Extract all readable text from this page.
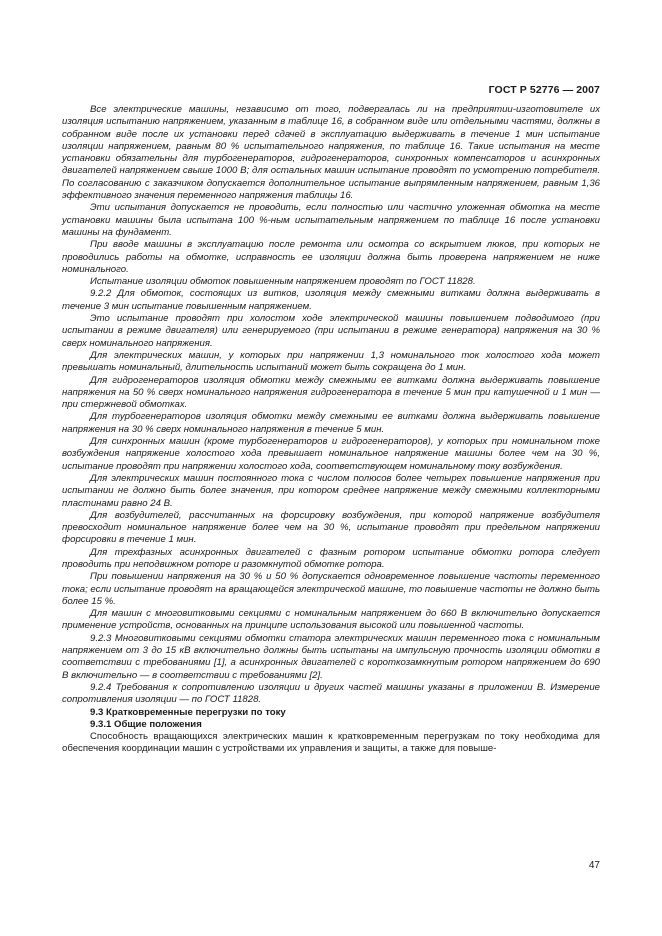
ГОСТ Р 52776 — 2007

Все электрические машины, независимо от того, подвергалась ли на предприятии-изготовителе их изоляция испытанию напряжением, указанным в таблице 16, в собранном виде или отдельными частями, должны в собранном виде после их установки перед сдачей в эксплуатацию выдерживать в течение 1 мин испытание изоляции напряжением, равным 80 % испытательного напряжения, по таблице 16. Такие испытания на месте установки обязательны для турбогенераторов, гидрогенераторов, синхронных компенсаторов и асинхронных двигателей напряжением свыше 1000 В; для остальных машин испытание проводят по усмотрению потребителя. По согласованию с заказчиком допускается дополнительное испытание выпрямленным напряжением, равным 1,36 эффективного значения переменного напряжения таблицы 16.

Эти испытания допускается не проводить, если полностью или частично уложенная обмотка на месте установки машины была испытана 100 %-ным испытательным напряжением по таблице 16 после установки машины на фундамент.

При вводе машины в эксплуатацию после ремонта или осмотра со вскрытием люков, при которых не проводились работы на обмотке, исправность ее изоляции должна быть проверена напряжением не ниже номинального.

Испытание изоляции обмоток повышенным напряжением проводят по ГОСТ 11828.

9.2.2 Для обмоток, состоящих из витков, изоляция между смежными витками должна выдерживать в течение 3 мин испытание повышенным напряжением.

Это испытание проводят при холостом ходе электрической машины повышением подводимого (при испытании в режиме двигателя) или генерируемого (при испытании в режиме генератора) напряжения на 30 % сверх номинального напряжения.

Для электрических машин, у которых при напряжении 1,3 номинального ток холостого хода может превышать номинальный, длительность испытаний может быть сокращена до 1 мин.

Для гидрогенераторов изоляция обмотки между смежными ее витками должна выдерживать повышение напряжения на 50 % сверх номинального напряжения гидрогенератора в течение 5 мин при катушечной и 1 мин — при стержневой обмотках.

Для турбогенераторов изоляция обмотки между смежными ее витками должна выдерживать повышение напряжения на 30 % сверх номинального напряжения в течение 5 мин.

Для синхронных машин (кроме турбогенераторов и гидрогенераторов), у которых при номинальном токе возбуждения напряжение холостого хода превышает номинальное напряжение машины более чем на 30 %, испытание проводят при напряжении холостого хода, соответствующем номинальному току возбуждения.

Для электрических машин постоянного тока с числом полюсов более четырех повышение напряжения при испытании не должно быть более значения, при котором среднее напряжение между смежными коллекторными пластинами равно 24 В.

Для возбудителей, рассчитанных на форсировку возбуждения, при которой напряжение возбудителя превосходит номинальное напряжение более чем на 30 %, испытание проводят при предельном напряжении форсировки в течение 1 мин.

Для трехфазных асинхронных двигателей с фазным ротором испытание обмотки ротора следует проводить при неподвижном роторе и разомкнутой обмотке ротора.

При повышении напряжения на 30 % и 50 % допускается одновременное повышение частоты переменного тока; если испытание проводят на вращающейся электрической машине, то повышение частоты не должно быть более 15 %.

Для машин с многовитковыми секциями с номинальным напряжением до 660 В включительно допускается применение устройств, основанных на принципе использования высокой или повышенной частоты.

9.2.3 Многовитковыми секциями обмотки статора электрических машин переменного тока с номинальным напряжением от 3 до 15 кВ включительно должны быть испытаны на импульсную прочность изоляции обмотки в соответствии с требованиями [1], а асинхронных двигателей с короткозамкнутым ротором напряжением до 690 В включительно — в соответствии с требованиями [2].

9.2.4 Требования к сопротивлению изоляции и других частей машины указаны в приложении В. Измерение сопротивления изоляции — по ГОСТ 11828.

9.3 Кратковременные перегрузки по току

9.3.1 Общие положения

Способность вращающихся электрических машин к кратковременным перегрузкам по току необходима для обеспечения координации машин с устройствами их управления и защиты, а также для повыше-

47
